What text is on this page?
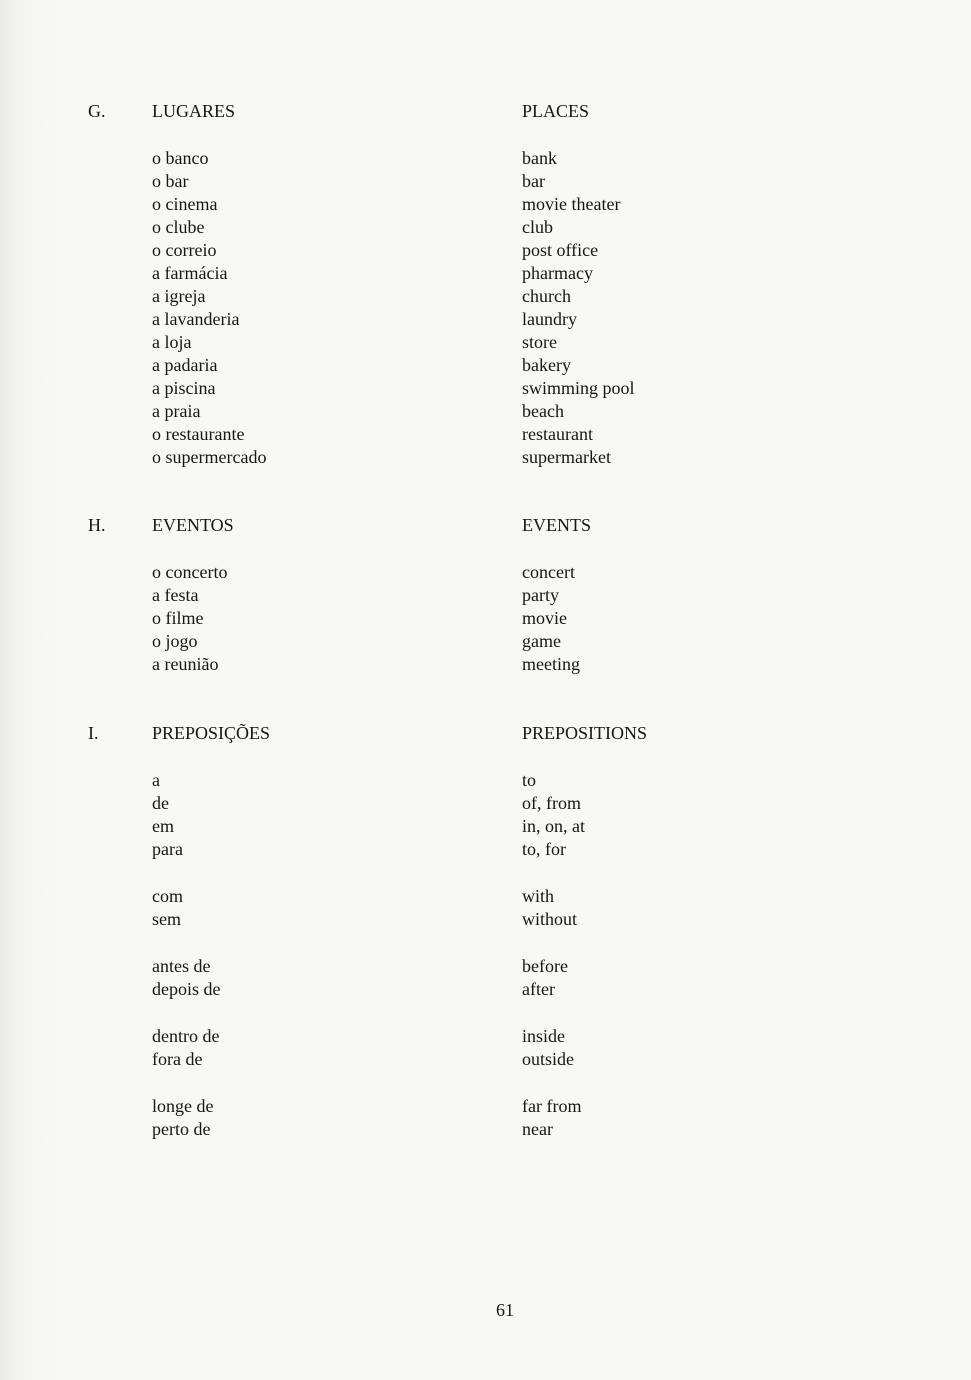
G.	LUGARES	PLACES
o banco	bank
o bar	bar
o cinema	movie theater
o clube	club
o correio	post office
a farmácia	pharmacy
a igreja	church
a lavanderia	laundry
a loja	store
a padaria	bakery
a piscina	swimming pool
a praia	beach
o restaurante	restaurant
o supermercado	supermarket
H.	EVENTOS	EVENTS
o concerto	concert
a festa	party
o filme	movie
o jogo	game
a reunião	meeting
I.	PREPOSIÇÕES	PREPOSITIONS
a	to
de	of, from
em	in, on, at
para	to, for
com	with
sem	without
antes de	before
depois de	after
dentro de	inside
fora de	outside
longe de	far from
perto de	near
61
